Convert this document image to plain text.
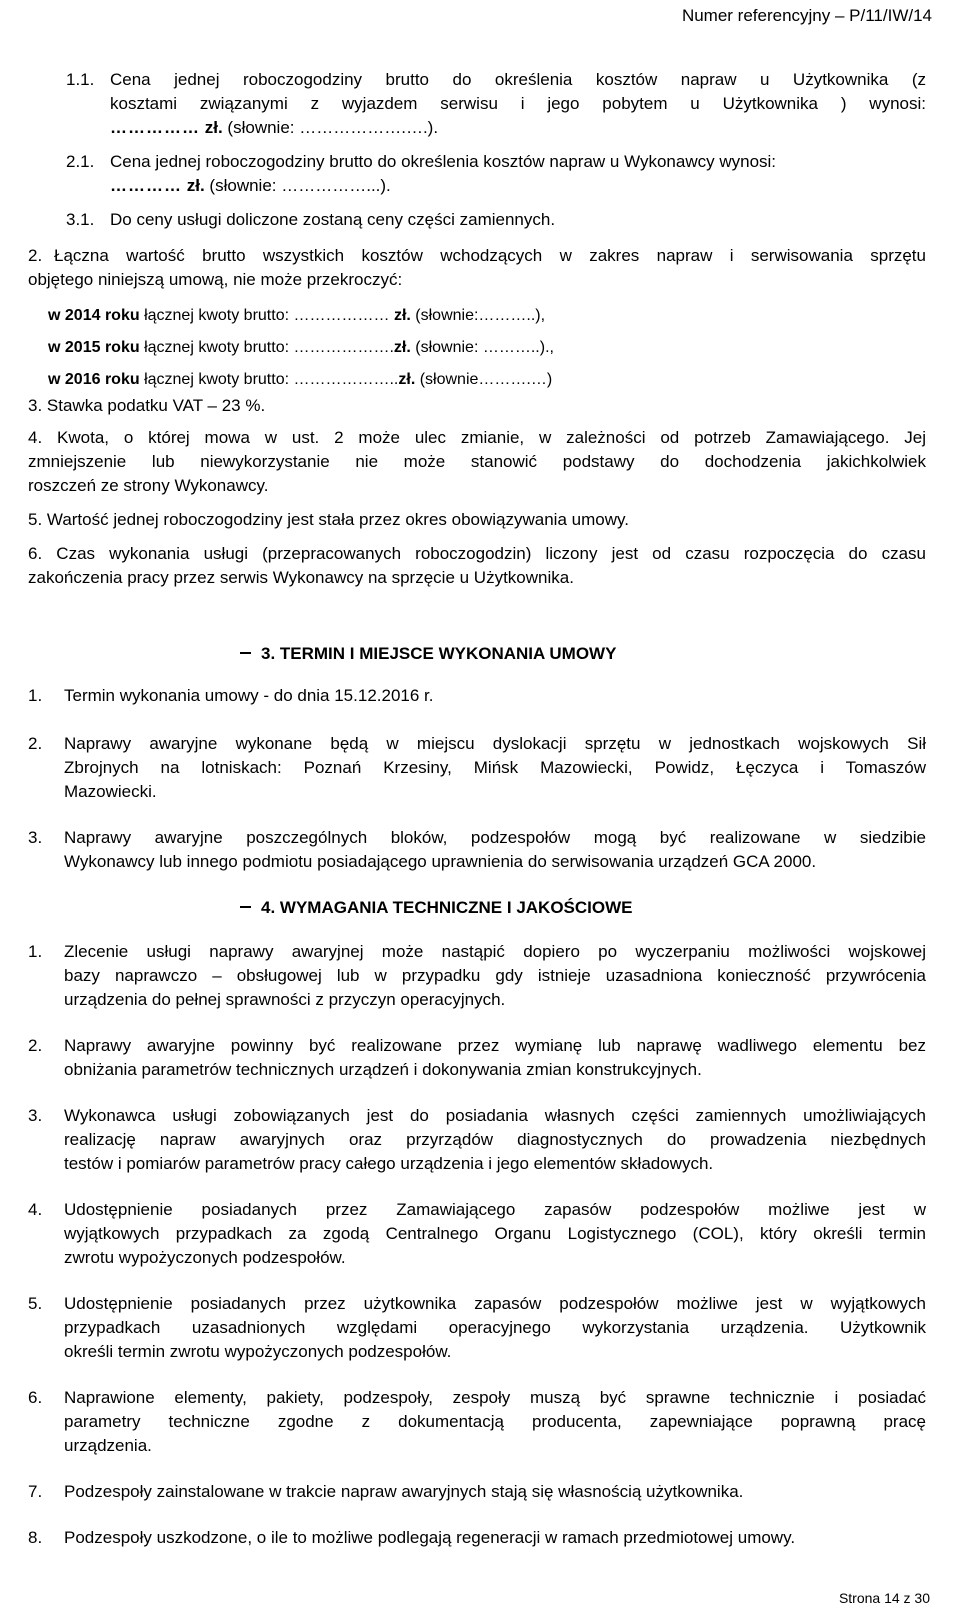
Numer referencyjny – P/11/IW/14
1.1. Cena jednej roboczogodziny brutto do określenia kosztów napraw u Użytkownika (z
kosztami związanymi z wyjazdem serwisu i jego pobytem u Użytkownika ) wynosi:
…………… zł. (słownie: ……………….….).
2.1. Cena jednej roboczogodziny brutto do określenia kosztów napraw u Wykonawcy wynosi:
………… zł. (słownie: ……………...).
3.1. Do ceny usługi doliczone zostaną ceny części zamiennych.
2. Łączna wartość brutto wszystkich kosztów wchodzących w zakres napraw i serwisowania sprzętu
objętego niniejszą umową, nie może przekroczyć:
w 2014 roku łącznej kwoty brutto: ……………… zł. (słownie:………..),
w 2015 roku łącznej kwoty brutto: ……………….zł. (słownie: ………..).,
w 2016 roku łącznej kwoty brutto: ………………..zł. (słownie……….…)
3. Stawka podatku VAT – 23 %.
4. Kwota, o której mowa w ust. 2 może ulec zmianie, w zależności od potrzeb Zamawiającego. Jej
zmniejszenie lub niewykorzystanie nie może stanowić podstawy do dochodzenia jakichkolwiek
roszczeń ze strony Wykonawcy.
5. Wartość jednej roboczogodziny jest stała przez okres obowiązywania umowy.
6. Czas wykonania usługi (przepracowanych roboczogodzin) liczony jest od czasu rozpoczęcia do czasu
zakończenia pracy przez serwis Wykonawcy na sprzęcie u Użytkownika.
3. TERMIN I MIEJSCE WYKONANIA UMOWY
1. Termin wykonania umowy - do dnia 15.12.2016 r.
2. Naprawy awaryjne wykonane będą w miejscu dyslokacji sprzętu w jednostkach wojskowych Sił
Zbrojnych na lotniskach: Poznań Krzesiny, Mińsk Mazowiecki, Powidz, Łęczyca i Tomaszów
Mazowiecki.
3. Naprawy awaryjne poszczególnych bloków, podzespołów mogą być realizowane w siedzibie
Wykonawcy lub innego podmiotu posiadającego uprawnienia do serwisowania urządzeń GCA 2000.
4. WYMAGANIA TECHNICZNE I JAKOŚCIOWE
1. Zlecenie usługi naprawy awaryjnej może nastąpić dopiero po wyczerpaniu możliwości wojskowej
bazy naprawczo – obsługowej lub w przypadku gdy istnieje uzasadniona konieczność przywrócenia
urządzenia do pełnej sprawności z przyczyn operacyjnych.
2. Naprawy awaryjne powinny być realizowane przez wymianę lub naprawę wadliwego elementu bez
obniżania parametrów technicznych urządzeń i dokonywania zmian konstrukcyjnych.
3. Wykonawca usługi zobowiązanych jest do posiadania własnych części zamiennych umożliwiających
realizację napraw awaryjnych oraz przyrządów diagnostycznych do prowadzenia niezbędnych
testów i pomiarów parametrów pracy całego urządzenia i jego elementów składowych.
4. Udostępnienie posiadanych przez Zamawiającego zapasów podzespołów możliwe jest w
wyjątkowych przypadkach za zgodą Centralnego Organu Logistycznego (COL), który określi termin
zwrotu wypożyczonych podzespołów.
5. Udostępnienie posiadanych przez użytkownika zapasów podzespołów możliwe jest w wyjątkowych
przypadkach uzasadnionych względami operacyjnego wykorzystania urządzenia. Użytkownik
określi termin zwrotu wypożyczonych podzespołów.
6. Naprawione elementy, pakiety, podzespoły, zespoły muszą być sprawne technicznie i posiadać
parametry techniczne zgodne z dokumentacją producenta, zapewniające poprawną pracę
urządzenia.
7. Podzespoły zainstalowane w trakcie napraw awaryjnych stają się własnością użytkownika.
8. Podzespoły uszkodzone, o ile to możliwe podlegają regeneracji w ramach przedmiotowej umowy.
Strona 14 z 30
